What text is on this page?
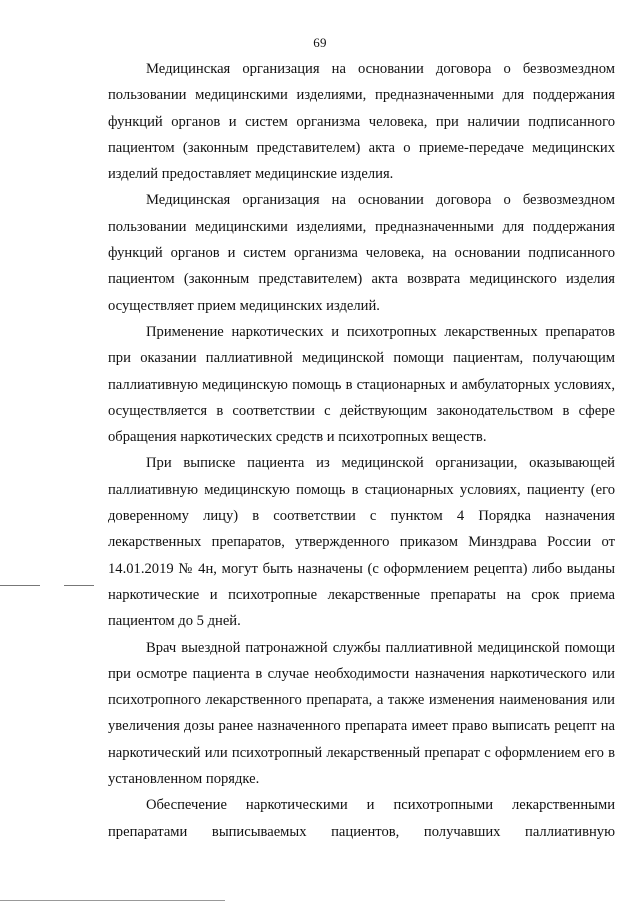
69

Медицинская организация на основании договора о безвозмездном пользовании медицинскими изделиями, предназначенными для поддержания функций органов и систем организма человека, при наличии подписанного пациентом (законным представителем) акта о приеме-передаче медицинских изделий предоставляет медицинские изделия.

Медицинская организация на основании договора о безвозмездном пользовании медицинскими изделиями, предназначенными для поддержания функций органов и систем организма человека, на основании подписанного пациентом (законным представителем) акта возврата медицинского изделия осуществляет прием медицинских изделий.

Применение наркотических и психотропных лекарственных препаратов при оказании паллиативной медицинской помощи пациентам, получающим паллиативную медицинскую помощь в стационарных и амбулаторных условиях, осуществляется в соответствии с действующим законодательством в сфере обращения наркотических средств и психотропных веществ.

При выписке пациента из медицинской организации, оказывающей паллиативную медицинскую помощь в стационарных условиях, пациенту (его доверенному лицу) в соответствии с пунктом 4 Порядка назначения лекарственных препаратов, утвержденного приказом Минздрава России от 14.01.2019 № 4н, могут быть назначены (с оформлением рецепта) либо выданы наркотические и психотропные лекарственные препараты на срок приема пациентом до 5 дней.

Врач выездной патронажной службы паллиативной медицинской помощи при осмотре пациента в случае необходимости назначения наркотического или психотропного лекарственного препарата, а также изменения наименования или увеличения дозы ранее назначенного препарата имеет право выписать рецепт на наркотический или психотропный лекарственный препарат с оформлением его в установленном порядке.

Обеспечение наркотическими и психотропными лекарственными препаратами выписываемых пациентов, получавших паллиативную
